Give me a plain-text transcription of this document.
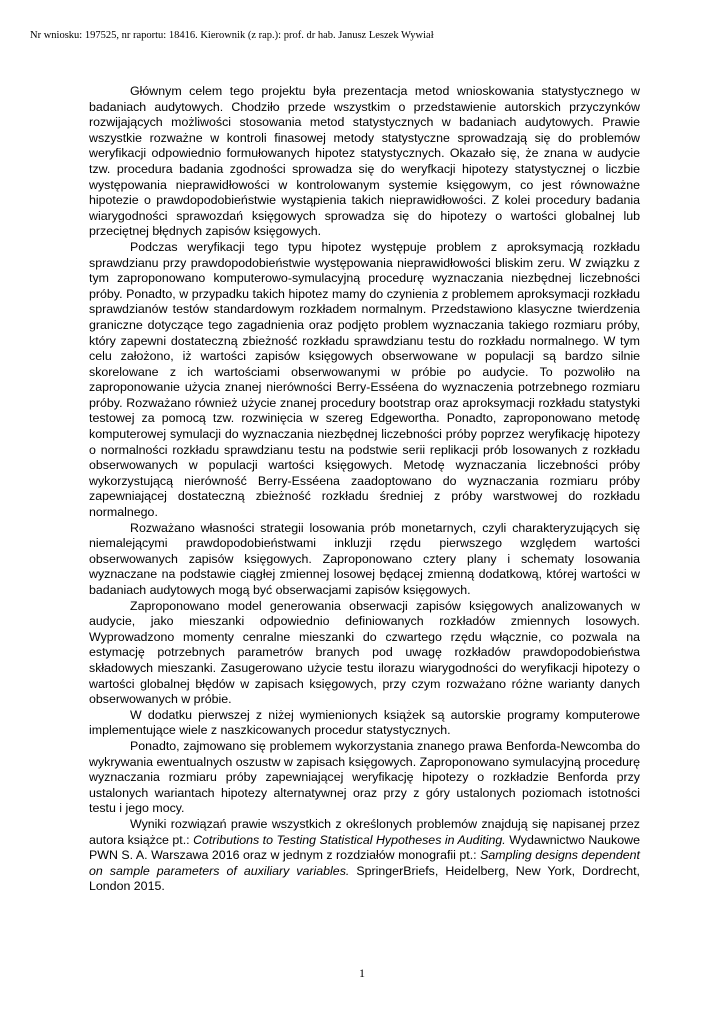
Nr wniosku: 197525, nr raportu: 18416. Kierownik (z rap.): prof. dr hab. Janusz Leszek Wywiał

Głównym celem tego projektu była prezentacja metod wnioskowania statystycznego w badaniach audytowych. Chodziło przede wszystkim o przedstawienie autorskich przyczynków rozwijających możliwości stosowania metod statystycznych w badaniach audytowych. Prawie wszystkie rozważne w kontroli finasowej metody statystyczne sprowadzają się do problemów weryfikacji odpowiednio formułowanych hipotez statystycznych. Okazało się, że znana w audycie tzw. procedura badania zgodności sprowadza się do weryfkacji hipotezy statystycznej o liczbie występowania nieprawidłowości w kontrolowanym systemie księgowym, co jest równoważne hipotezie o prawdopodobieństwie wystąpienia takich nieprawidłowości. Z kolei procedury badania wiarygodności sprawozdań księgowych sprowadza się do hipotezy o wartości globalnej lub przeciętnej błędnych zapisów księgowych.

Podczas weryfikacji tego typu hipotez występuje problem z aproksymacją rozkładu sprawdzianu przy prawdopodobieństwie występowania nieprawidłowości bliskim zeru. W związku z tym zaproponowano komputerowo-symulacyjną procedurę wyznaczania niezbędnej liczebności próby. Ponadto, w przypadku takich hipotez mamy do czynienia z problemem aproksymacji rozkładu sprawdzianów testów standardowym rozkładem normalnym. Przedstawiono klasyczne twierdzenia graniczne dotyczące tego zagadnienia oraz podjęto problem wyznaczania takiego rozmiaru próby, który zapewni dostateczną zbieżność rozkładu sprawdzianu testu do rozkładu normalnego. W tym celu założono, iż wartości zapisów księgowych obserwowane w populacji są bardzo silnie skorelowane z ich wartościami obserwowanymi w próbie po audycie. To pozwoliło na zaproponowanie użycia znanej nierówności Berry-Esséena do wyznaczenia potrzebnego rozmiaru próby. Rozważano również użycie znanej procedury bootstrap oraz aproksymacji rozkładu statystyki testowej za pomocą tzw. rozwinięcia w szereg Edgewortha. Ponadto, zaproponowano metodę komputerowej symulacji do wyznaczania niezbędnej liczebności próby poprzez weryfikację hipotezy o normalności rozkładu sprawdzianu testu na podstwie serii replikacji prób losowanych z rozkładu obserwowanych w populacji wartości księgowych. Metodę wyznaczania liczebności próby wykorzystującą nierówność Berry-Esséena zaadoptowano do wyznaczania rozmiaru próby zapewniającej dostateczną zbieżność rozkładu średniej z próby warstwowej do rozkładu normalnego.

Rozważano własności strategii losowania prób monetarnych, czyli charakteryzujących się niemalejącymi prawdopodobieństwami inkluzji rzędu pierwszego względem wartości obserwowanych zapisów księgowych. Zaproponowano cztery plany i schematy losowania wyznaczane na podstawie ciągłej zmiennej losowej będącej zmienną dodatkową, której wartości w badaniach audytowych mogą być obserwacjami zapisów księgowych.

Zaproponowano model generowania obserwacji zapisów księgowych analizowanych w audycie, jako mieszanki odpowiednio definiowanych rozkładów zmiennych losowych. Wyprowadzono momenty cenralne mieszanki do czwartego rzędu włącznie, co pozwala na estymację potrzebnych parametrów branych pod uwagę rozkładów prawdopodobieństwa składowych mieszanki. Zasugerowano użycie testu ilorazu wiarygodności do weryfikacji hipotezy o wartości globalnej błędów w zapisach księgowych, przy czym rozważano różne warianty danych obserwowanych w próbie.

W dodatku pierwszej z niżej wymienionych książek są autorskie programy komputerowe implementujące wiele z naszkicowanych procedur statystycznych.

Ponadto, zajmowano się problemem wykorzystania znanego prawa Benforda-Newcomba do wykrywania ewentualnych oszustw w zapisach księgowych. Zaproponowano symulacyjną procedurę wyznaczania rozmiaru próby zapewniającej weryfikację hipotezy o rozkładzie Benforda przy ustalonych wariantach hipotezy alternatywnej oraz przy z góry ustalonych poziomach istotności testu i jego mocy.

Wyniki rozwiązań prawie wszystkich z określonych problemów znajdują się napisanej przez autora książce pt.: Cotributions to Testing Statistical Hypotheses in Auditing. Wydawnictwo Naukowe PWN S. A. Warszawa 2016 oraz w jednym z rozdziałów monografii pt.: Sampling designs dependent on sample parameters of auxiliary variables. SpringerBriefs, Heidelberg, New York, Dordrecht, London 2015.

1
